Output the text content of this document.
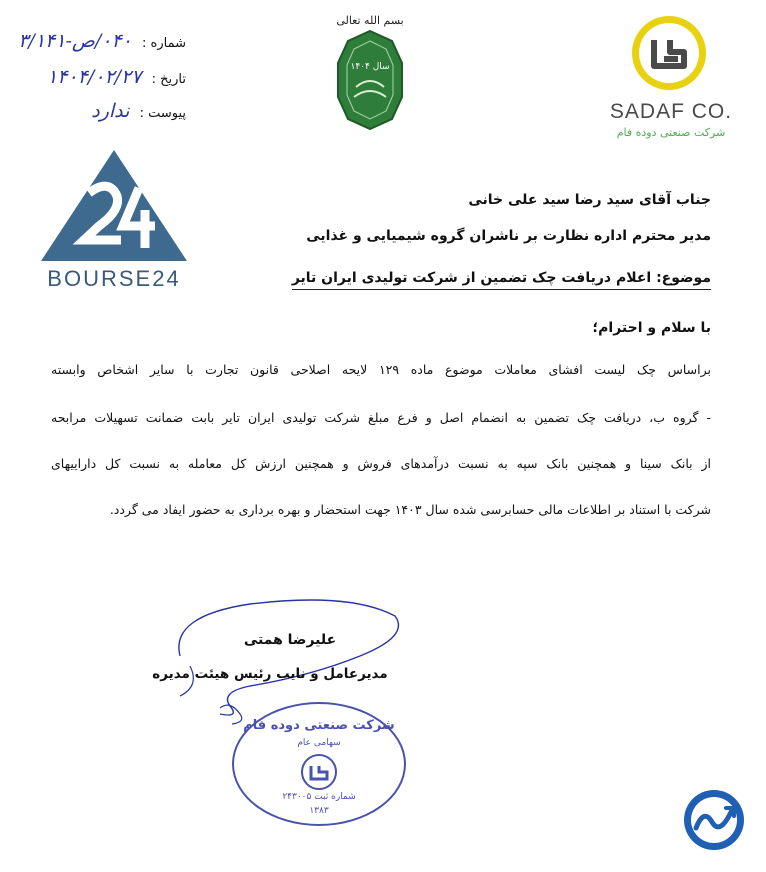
شماره : ۰۴۰/ص-۳/۱۴۱
تاریخ : ۱۴۰۴/۰۲/۲۷
پیوست : ندارد
بسم الله تعالی
سال ۱۴۰۴
SADAF CO.
شرکت صنعتی دوده فام
BOURSE24
جناب آقای سید رضا سید علی خانی
مدیر محترم اداره نظارت بر ناشران گروه شیمیایی و غذایی
موضوع: اعلام دریافت چک تضمین از شرکت تولیدی ایران تایر
با سلام و احترام؛
براساس چک لیست افشای معاملات موضوع ماده ۱۲۹ لایحه اصلاحی قانون تجارت با سایر اشخاص وابسته
- گروه ب، دریافت چک تضمین به انضمام اصل و فرع مبلغ شرکت تولیدی ایران تایر بابت ضمانت تسهیلات مرابحه
از بانک سینا و همچنین بانک سپه به نسبت درآمدهای فروش و همچنین ارزش کل معامله به نسبت کل داراییهای
شرکت با استناد بر اطلاعات مالی حسابرسی شده سال ۱۴۰۳ جهت استحضار و بهره برداری به حضور ایفاد می گردد.
علیرضا همتی
مدیرعامل و نایب رئیس هیئت مدیره
شرکت صنعتی دوده فام
سهامی عام
شماره ثبت ۲۴۳۰۰۵
۱۳۸۳
